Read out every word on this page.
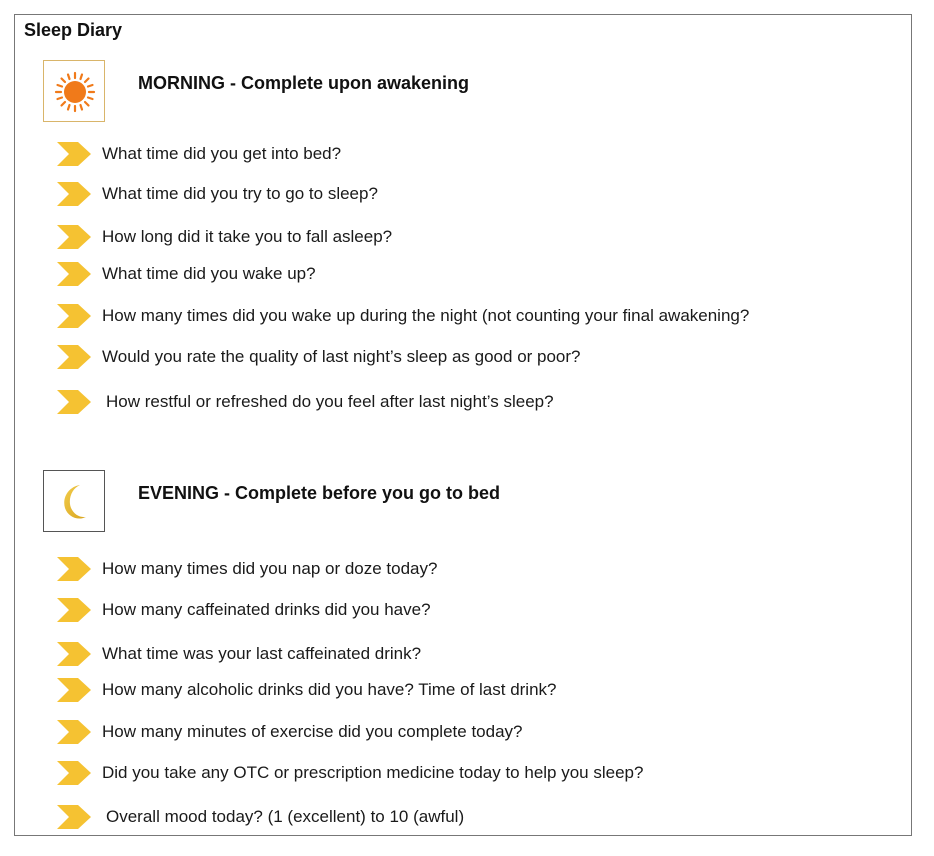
Sleep Diary
MORNING - Complete upon awakening
What time did you get into bed?
What time did you try to go to sleep?
How long did it take you to fall asleep?
What time did you wake up?
How many times did you wake up during the night (not counting your final awakening?
Would you rate the quality of last night’s sleep as good or poor?
How restful or refreshed do you feel after last night’s sleep?
EVENING - Complete before you go to bed
How many times did you nap or doze today?
How many caffeinated drinks did you have?
What time was your last caffeinated drink?
How many alcoholic drinks did you have? Time of last drink?
How many minutes of exercise did you complete today?
Did you take any OTC or prescription medicine today to help you sleep?
Overall mood today? (1 (excellent) to 10 (awful)
